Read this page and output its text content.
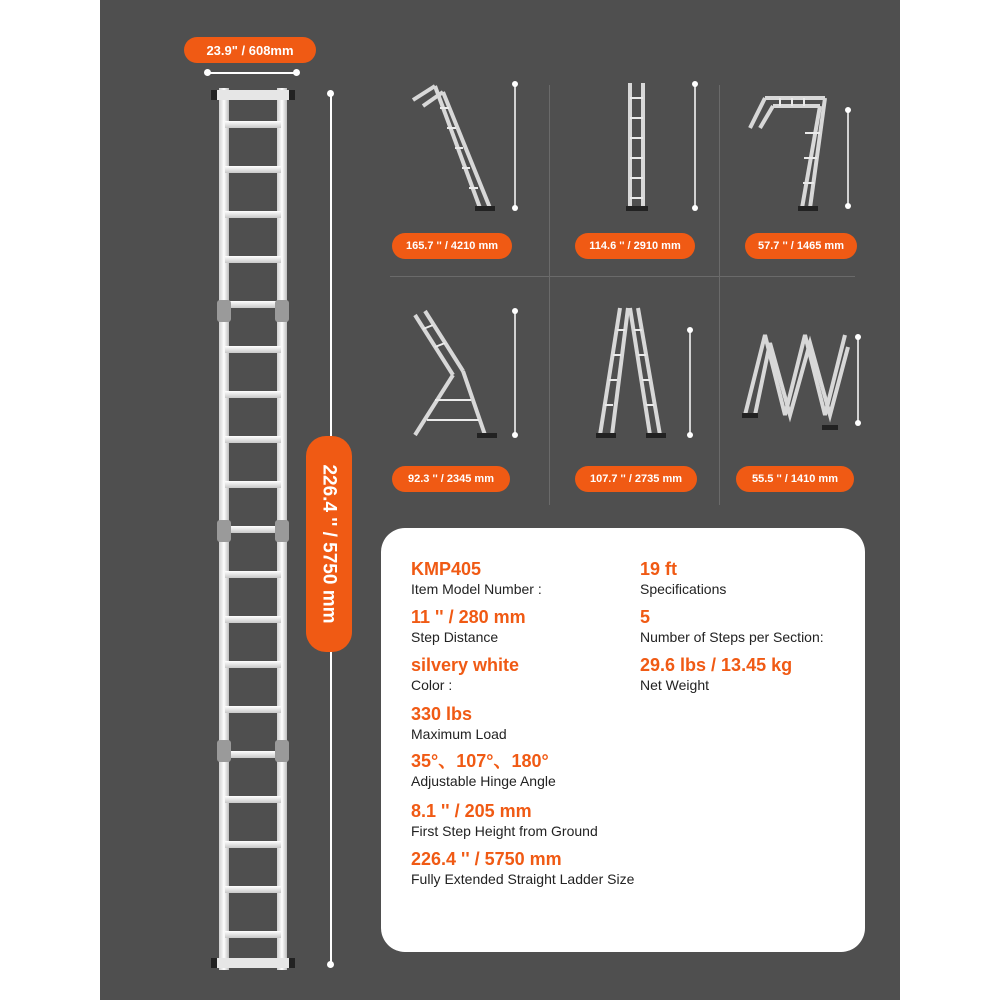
23.9" / 608mm
226.4 '' / 5750 mm
165.7 '' / 4210 mm	114.6 '' / 2910 mm	57.7 '' / 1465 mm
92.3 '' / 2345 mm	107.7 '' / 2735 mm	55.5 '' / 1410 mm
KMP405
Item Model Number :
11 '' / 280 mm
Step Distance
silvery white
Color :
330 lbs
Maximum Load
35°、107°、180°
Adjustable Hinge Angle
8.1 '' / 205 mm
First Step Height from Ground
226.4 '' / 5750 mm
Fully Extended Straight Ladder Size
19 ft
Specifications
5
Number of Steps per Section:
29.6 lbs / 13.45 kg
Net Weight
